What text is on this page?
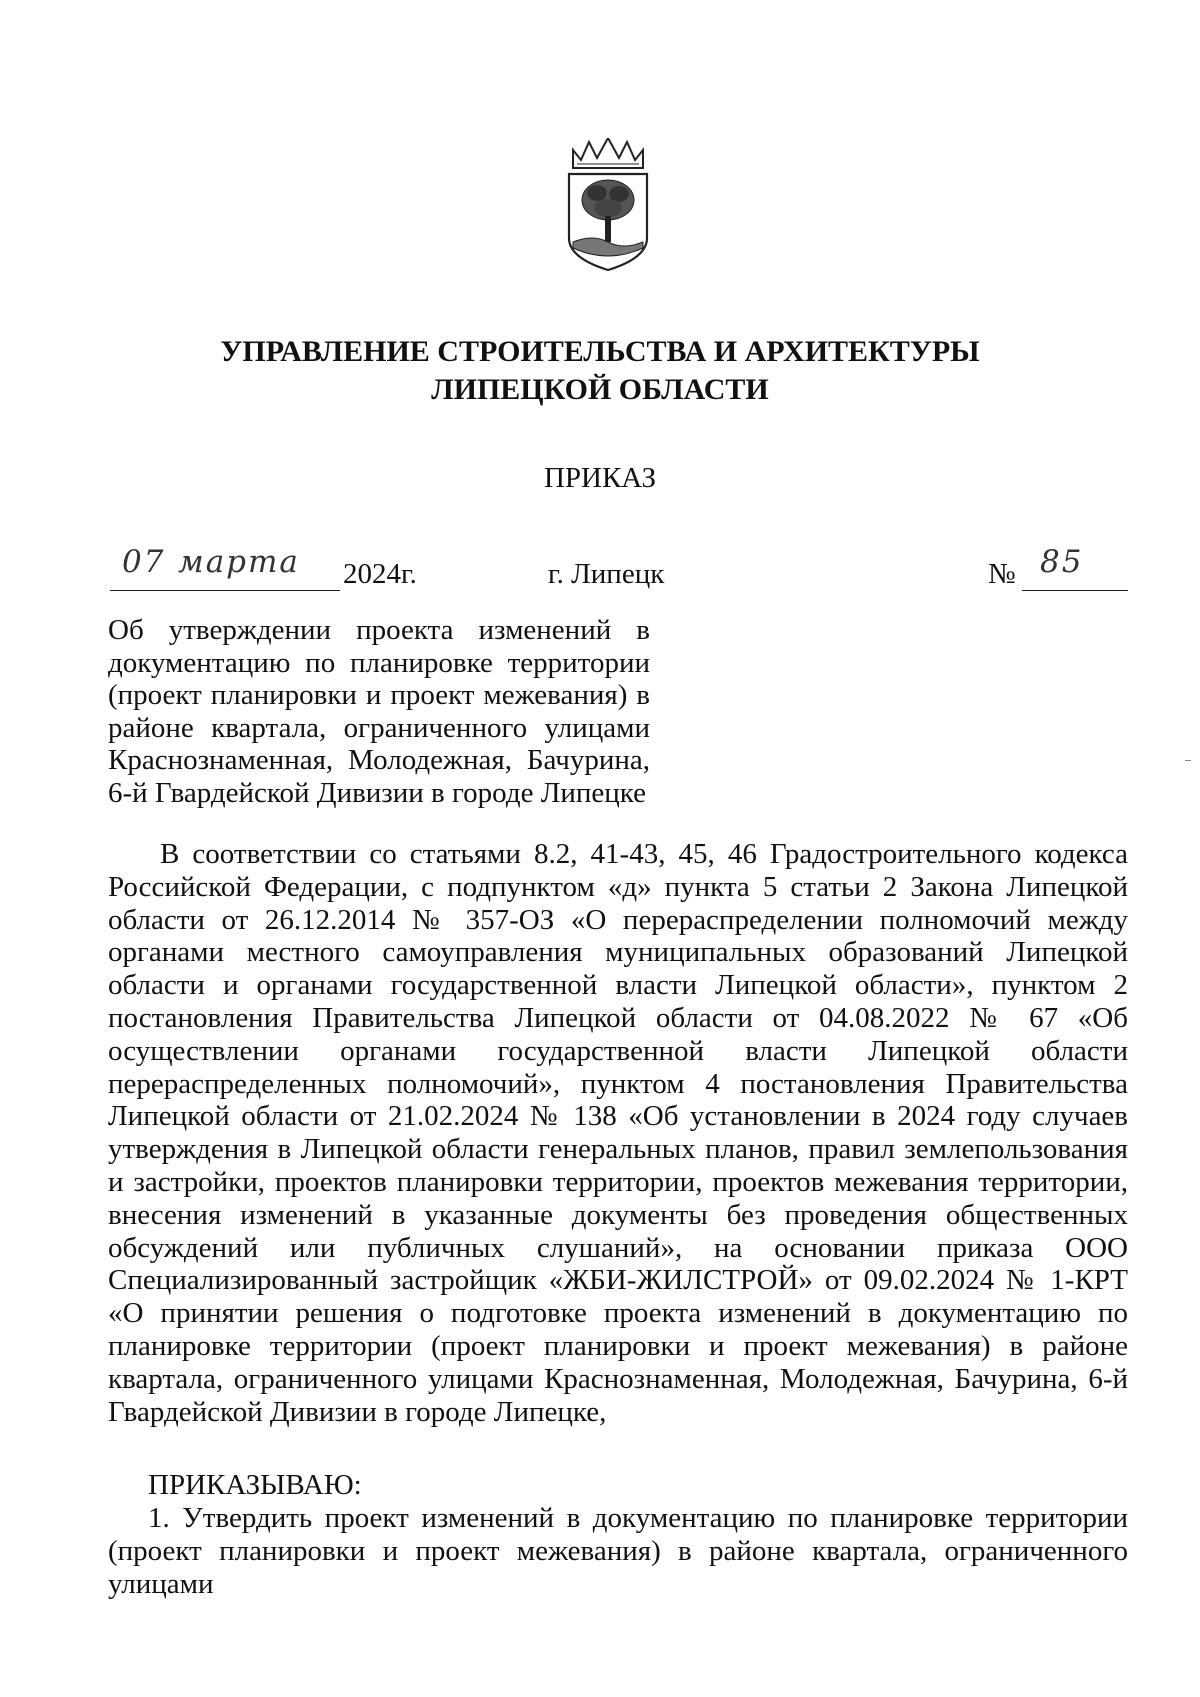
УПРАВЛЕНИЕ СТРОИТЕЛЬСТВА И АРХИТЕКТУРЫ
ЛИПЕЦКОЙ ОБЛАСТИ
ПРИКАЗ
07 марта 2024г.	г. Липецк	№ 85
Об утверждении проекта изменений в
документацию по планировке территории
(проект планировки и проект межевания) в
районе квартала, ограниченного улицами
Краснознаменная, Молодежная, Бачурина,
6-й Гвардейской Дивизии в городе Липецке

В соответствии со статьями 8.2, 41-43, 45, 46 Градостроительного кодекса Российской Федерации, с подпунктом «д» пункта 5 статьи 2 Закона Липецкой области от 26.12.2014 № 357-ОЗ «О перераспределении полномочий между органами местного самоуправления муниципальных образований Липецкой области и органами государственной власти Липецкой области», пунктом 2 постановления Правительства Липецкой области от 04.08.2022 № 67 «Об осуществлении органами государственной власти Липецкой области перераспределенных полномочий», пунктом 4 постановления Правительства Липецкой области от 21.02.2024 № 138 «Об установлении в 2024 году случаев утверждения в Липецкой области генеральных планов, правил землепользования и застройки, проектов планировки территории, проектов межевания территории, внесения изменений в указанные документы без проведения общественных обсуждений или публичных слушаний», на основании приказа ООО Специализированный застройщик «ЖБИ-ЖИЛСТРОЙ» от 09.02.2024 № 1-КРТ «О принятии решения о подготовке проекта изменений в документацию по планировке территории (проект планировки и проект межевания) в районе квартала, ограниченного улицами Краснознаменная, Молодежная, Бачурина, 6-й Гвардейской Дивизии в городе Липецке,

ПРИКАЗЫВАЮ:

1. Утвердить проект изменений в документацию по планировке территории (проект планировки и проект межевания) в районе квартала, ограниченного улицами
